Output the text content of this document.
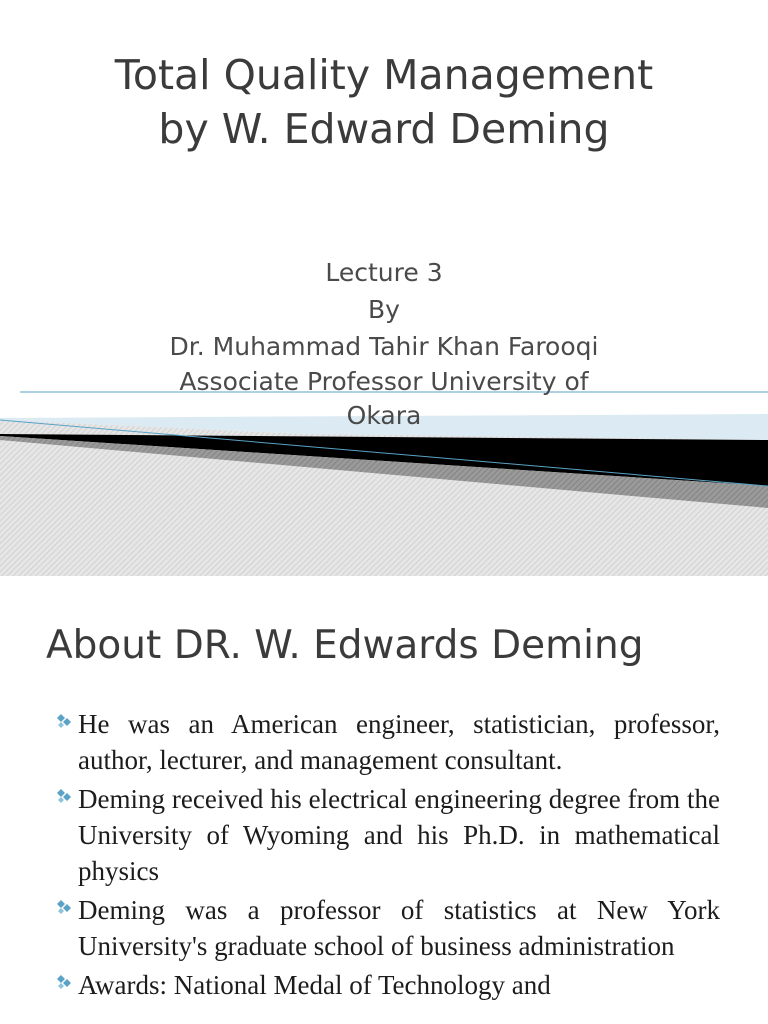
Total Quality Management
by W. Edward Deming
Lecture 3
By
Dr. Muhammad Tahir Khan Farooqi
Associate Professor University of
Okara
About DR. W. Edwards Deming
He was an American engineer, statistician, professor, author, lecturer, and management consultant.
Deming received his electrical engineering degree from the University of Wyoming and his Ph.D. in mathematical physics
Deming was a professor of statistics at New York University's graduate school of business administration
Awards: National Medal of Technology and
